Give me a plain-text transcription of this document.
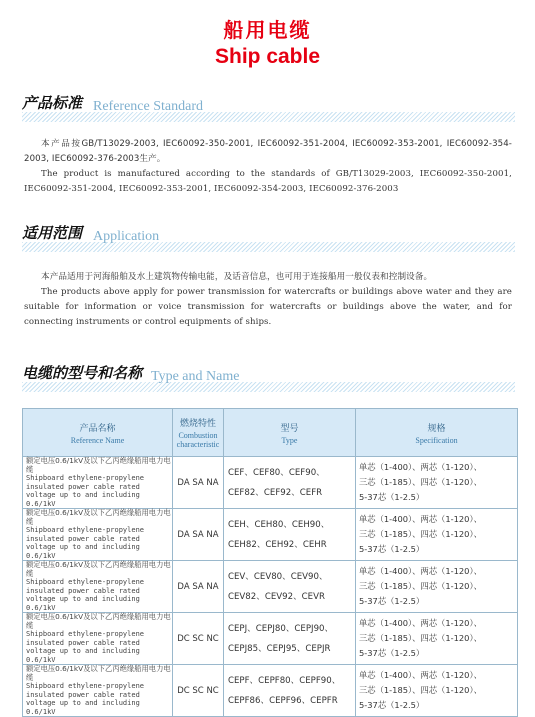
船用电缆
Ship cable
产品标准 Reference Standard

本产品按GB/T13029-2003, IEC60092-350-2001, IEC60092-351-2004, IEC60092-353-2001, IEC60092-354-2003, IEC60092-376-2003生产。

The product is manufactured according to the standards of GB/T13029-2003, IEC60092-350-2001, IEC60092-351-2004, IEC60092-353-2001, IEC60092-354-2003, IEC60092-376-2003

适用范围 Application

本产品适用于河海船舶及水上建筑物传输电能，及话音信息，也可用于连接船用一般仪表和控制设备。

The products above apply for power transmission for watercrafts or buildings above water and they are suitable for information or voice transmission for watercrafts or buildings above the water, and for connecting instruments or control equipments of ships.

电缆的型号和名称 Type and Name
产品名称
Reference Name	燃烧特性
Combustion characteristic	型号
Type	规格
Specification

额定电压0.6/1kV及以下乙丙绝缘船用电力电缆
Shipboard ethylene-propylene insulated power cable rated voltage up to and including 0.6/1kV	DA SA NA	CEF、CEF80、CEF90、
CEF82、CEF92、CEFR	单芯（1-400）、两芯（1-120）、
三芯（1-185）、四芯（1-120）、
5-37芯（1-2.5）

额定电压0.6/1kV及以下乙丙绝缘船用电力电缆
Shipboard ethylene-propylene insulated power cable rated voltage up to and including 0.6/1kV	DA SA NA	CEH、CEH80、CEH90、
CEH82、CEH92、CEHR	单芯（1-400）、两芯（1-120）、
三芯（1-185）、四芯（1-120）、
5-37芯（1-2.5）

额定电压0.6/1kV及以下乙丙绝缘船用电力电缆
Shipboard ethylene-propylene insulated power cable rated voltage up to and including 0.6/1kV	DA SA NA	CEV、CEV80、CEV90、
CEV82、CEV92、CEVR	单芯（1-400）、两芯（1-120）、
三芯（1-185）、四芯（1-120）、
5-37芯（1-2.5）

额定电压0.6/1kV及以下乙丙绝缘船用电力电缆
Shipboard ethylene-propylene insulated power cable rated voltage up to and including 0.6/1kV	DC SC NC	CEPJ、CEPJ80、CEPJ90、
CEPJ85、CEPJ95、CEPJR	单芯（1-400）、两芯（1-120）、
三芯（1-185）、四芯（1-120）、
5-37芯（1-2.5）

额定电压0.6/1kV及以下乙丙绝缘船用电力电缆
Shipboard ethylene-propylene insulated power cable rated voltage up to and including 0.6/1kV	DC SC NC	CEPF、CEPF80、CEPF90、
CEPF86、CEPF96、CEPFR	单芯（1-400）、两芯（1-120）、
三芯（1-185）、四芯（1-120）、
5-37芯（1-2.5）
